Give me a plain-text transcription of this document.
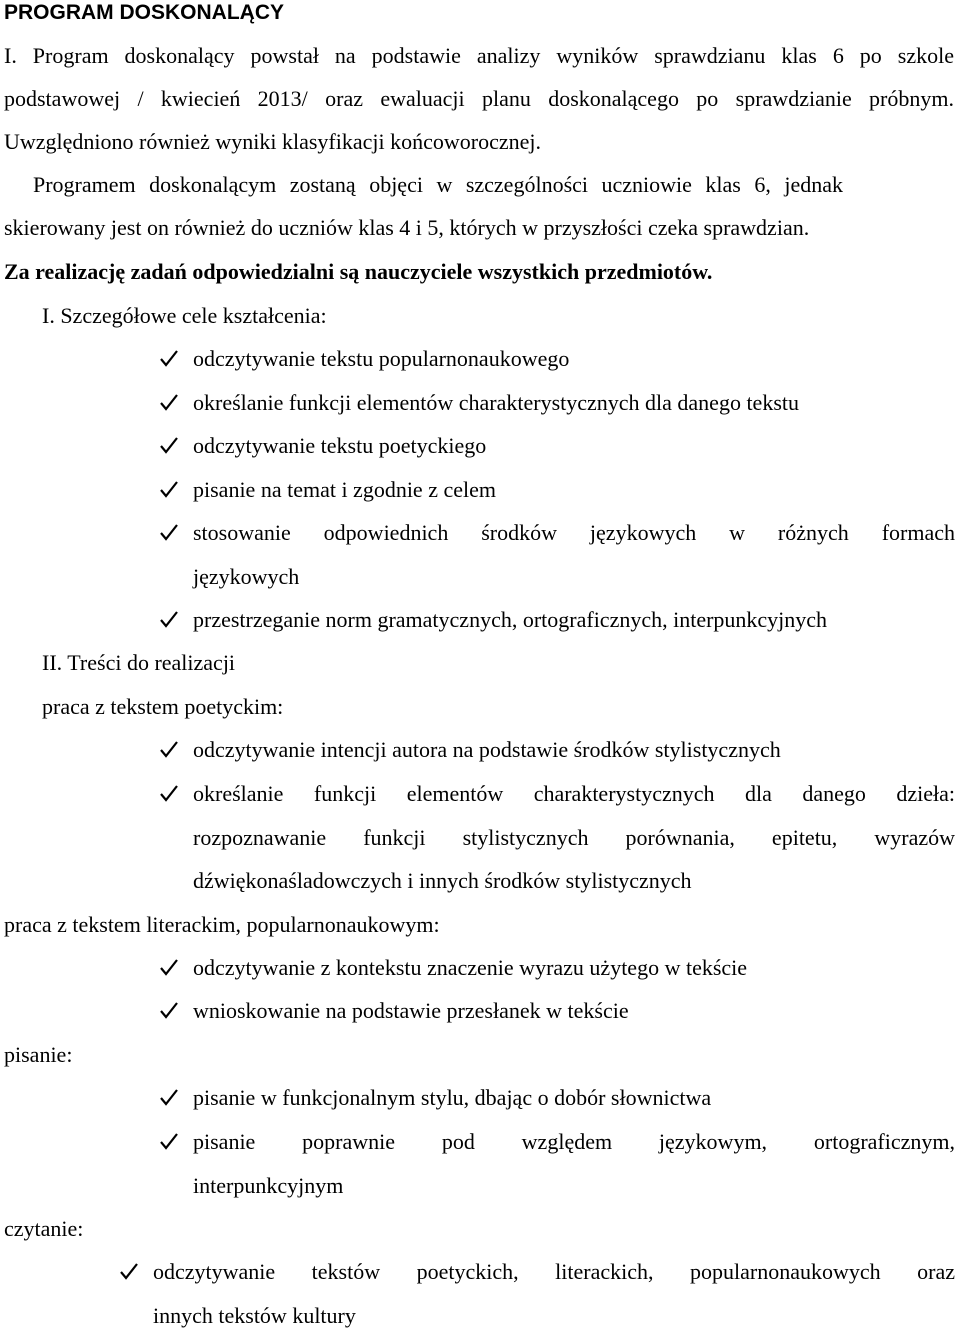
PROGRAM DOSKONALĄCY
I. Program doskonalący powstał na podstawie analizy wyników sprawdzianu klas 6 po szkole
podstawowej / kwiecień 2013/ oraz ewaluacji planu doskonalącego po sprawdzianie próbnym.
Uwzględniono również wyniki klasyfikacji końcoworocznej.
Programem doskonalącym zostaną objęci w szczególności uczniowie klas 6, jednak
skierowany jest on również do uczniów klas 4 i 5, których w przyszłości czeka sprawdzian.
Za realizację zadań odpowiedzialni są nauczyciele wszystkich przedmiotów.
I. Szczegółowe cele kształcenia:
odczytywanie tekstu popularnonaukowego
określanie funkcji elementów charakterystycznych dla danego tekstu
odczytywanie tekstu poetyckiego
pisanie na temat i zgodnie z celem
stosowanie odpowiednich środków językowych w różnych formach
językowych
przestrzeganie norm gramatycznych, ortograficznych, interpunkcyjnych
II. Treści do realizacji
praca z tekstem poetyckim:
odczytywanie intencji autora na podstawie środków stylistycznych
określanie funkcji elementów charakterystycznych dla danego dzieła:
rozpoznawanie funkcji stylistycznych porównania, epitetu, wyrazów
dźwiękonaśladowczych i innych środków stylistycznych
praca z tekstem literackim, popularnonaukowym:
odczytywanie z kontekstu znaczenie wyrazu użytego w tekście
wnioskowanie na podstawie przesłanek w tekście
pisanie:
pisanie w funkcjonalnym stylu, dbając o dobór słownictwa
pisanie poprawnie pod względem językowym, ortograficznym,
interpunkcyjnym
czytanie:
odczytywanie tekstów poetyckich, literackich, popularnonaukowych oraz
innych tekstów kultury
